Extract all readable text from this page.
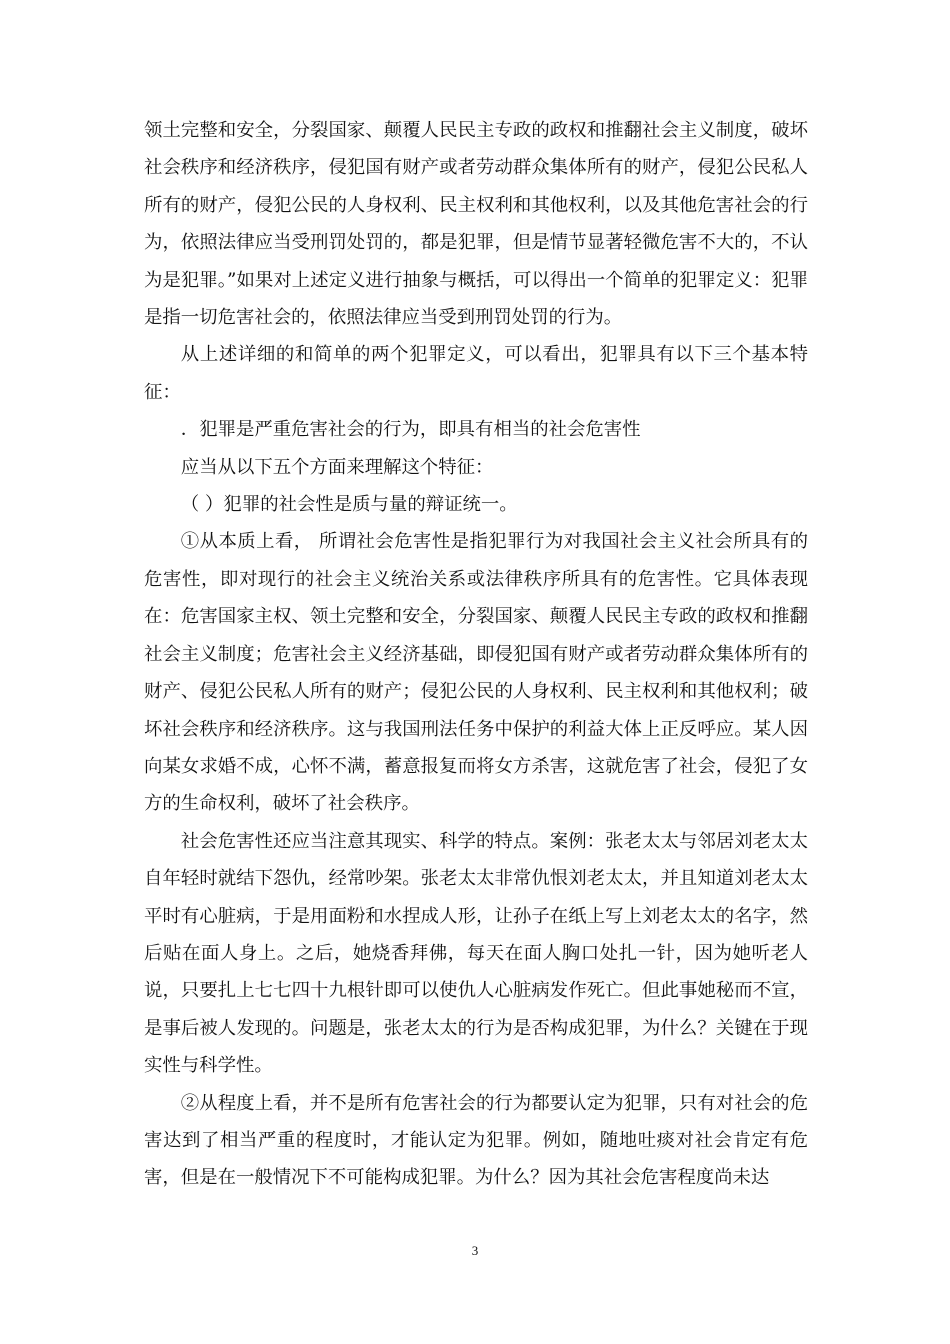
领土完整和安全，分裂国家、颠覆人民民主专政的政权和推翻社会主义制度，破坏社会秩序和经济秩序，侵犯国有财产或者劳动群众集体所有的财产，侵犯公民私人所有的财产，侵犯公民的人身权利、民主权利和其他权利，以及其他危害社会的行为，依照法律应当受刑罚处罚的，都是犯罪，但是情节显著轻微危害不大的，不认为是犯罪。”如果对上述定义进行抽象与概括，可以得出一个简单的犯罪定义：犯罪是指一切危害社会的，依照法律应当受到刑罚处罚的行为。

从上述详细的和简单的两个犯罪定义，可以看出，犯罪具有以下三个基本特征：

．犯罪是严重危害社会的行为，即具有相当的社会危害性

应当从以下五个方面来理解这个特征：

（ ）犯罪的社会性是质与量的辩证统一。

①从本质上看， 所谓社会危害性是指犯罪行为对我国社会主义社会所具有的危害性，即对现行的社会主义统治关系或法律秩序所具有的危害性。它具体表现在：危害国家主权、领土完整和安全，分裂国家、颠覆人民民主专政的政权和推翻社会主义制度；危害社会主义经济基础，即侵犯国有财产或者劳动群众集体所有的财产、侵犯公民私人所有的财产；侵犯公民的人身权利、民主权利和其他权利；破坏社会秩序和经济秩序。这与我国刑法任务中保护的利益大体上正反呼应。某人因向某女求婚不成，心怀不满，蓄意报复而将女方杀害，这就危害了社会，侵犯了女方的生命权利，破坏了社会秩序。

社会危害性还应当注意其现实、科学的特点。案例：张老太太与邻居刘老太太自年轻时就结下怨仇，经常吵架。张老太太非常仇恨刘老太太，并且知道刘老太太平时有心脏病，于是用面粉和水捏成人形，让孙子在纸上写上刘老太太的名字，然后贴在面人身上。之后，她烧香拜佛，每天在面人胸口处扎一针，因为她听老人说，只要扎上七七四十九根针即可以使仇人心脏病发作死亡。但此事她秘而不宣，是事后被人发现的。问题是，张老太太的行为是否构成犯罪，为什么？关键在于现实性与科学性。

②从程度上看，并不是所有危害社会的行为都要认定为犯罪，只有对社会的危害达到了相当严重的程度时，才能认定为犯罪。例如，随地吐痰对社会肯定有危害，但是在一般情况下不可能构成犯罪。为什么？因为其社会危害程度尚未达

3
